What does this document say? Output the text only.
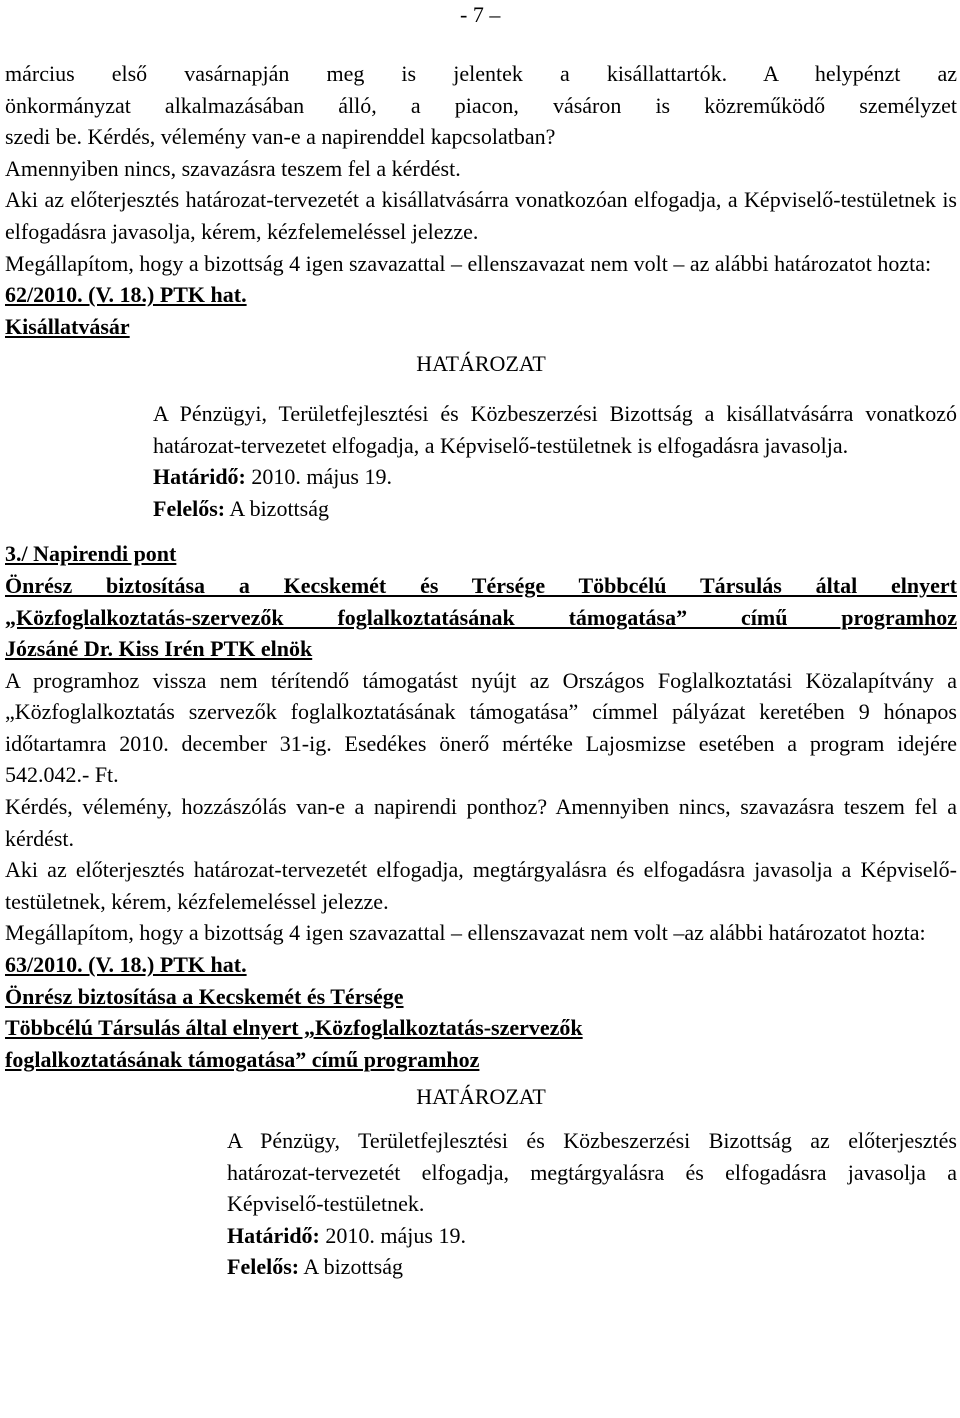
- 7 –
március első vasárnapján meg is jelentek a kisállattartók. A helypénzt az
önkormányzat alkalmazásában álló, a piacon, vásáron is közreműködő személyzet
szedi be. Kérdés, vélemény van-e a napirenddel kapcsolatban?
Amennyiben nincs, szavazásra teszem fel a kérdést.
Aki az előterjesztés határozat-tervezetét a kisállatvásárra vonatkozóan elfogadja, a Képviselő-testületnek is elfogadásra javasolja, kérem, kézfelemeléssel jelezze.
Megállapítom, hogy a bizottság 4 igen szavazattal – ellenszavazat nem volt – az alábbi határozatot hozta:
62/2010. (V. 18.) PTK hat.
Kisállatvásár
HATÁROZAT
A Pénzügyi, Területfejlesztési és Közbeszerzési Bizottság a kisállatvásárra vonatkozó határozat-tervezetet elfogadja, a Képviselő-testületnek is elfogadásra javasolja.
Határidő: 2010. május 19.
Felelős: A bizottság
3./ Napirendi pont
Önrész biztosítása a Kecskemét és Térsége Többcélú Társulás által elnyert
„Közfoglalkoztatás-szervezők foglalkoztatásának támogatása” című programhoz
Józsáné Dr. Kiss Irén PTK elnök
A programhoz vissza nem térítendő támogatást nyújt az Országos Foglalkoztatási Közalapítvány a „Közfoglalkoztatás szervezők foglalkoztatásának támogatása” címmel pályázat keretében 9 hónapos időtartamra 2010. december 31-ig. Esedékes önerő mértéke Lajosmizse esetében a program idejére 542.042.- Ft.
Kérdés, vélemény, hozzászólás van-e a napirendi ponthoz? Amennyiben nincs, szavazásra teszem fel a kérdést.
Aki az előterjesztés határozat-tervezetét elfogadja, megtárgyalásra és elfogadásra javasolja a Képviselő-testületnek, kérem, kézfelemeléssel jelezze.
Megállapítom, hogy a bizottság 4 igen szavazattal – ellenszavazat nem volt –az alábbi határozatot hozta:
63/2010. (V. 18.) PTK hat.
Önrész biztosítása a Kecskemét és Térsége
Többcélú Társulás által elnyert „Közfoglalkoztatás-szervezők
foglalkoztatásának támogatása” című programhoz
HATÁROZAT
A Pénzügy, Területfejlesztési és Közbeszerzési Bizottság az előterjesztés határozat-tervezetét elfogadja, megtárgyalásra és elfogadásra javasolja a Képviselő-testületnek.
Határidő: 2010. május 19.
Felelős: A bizottság
